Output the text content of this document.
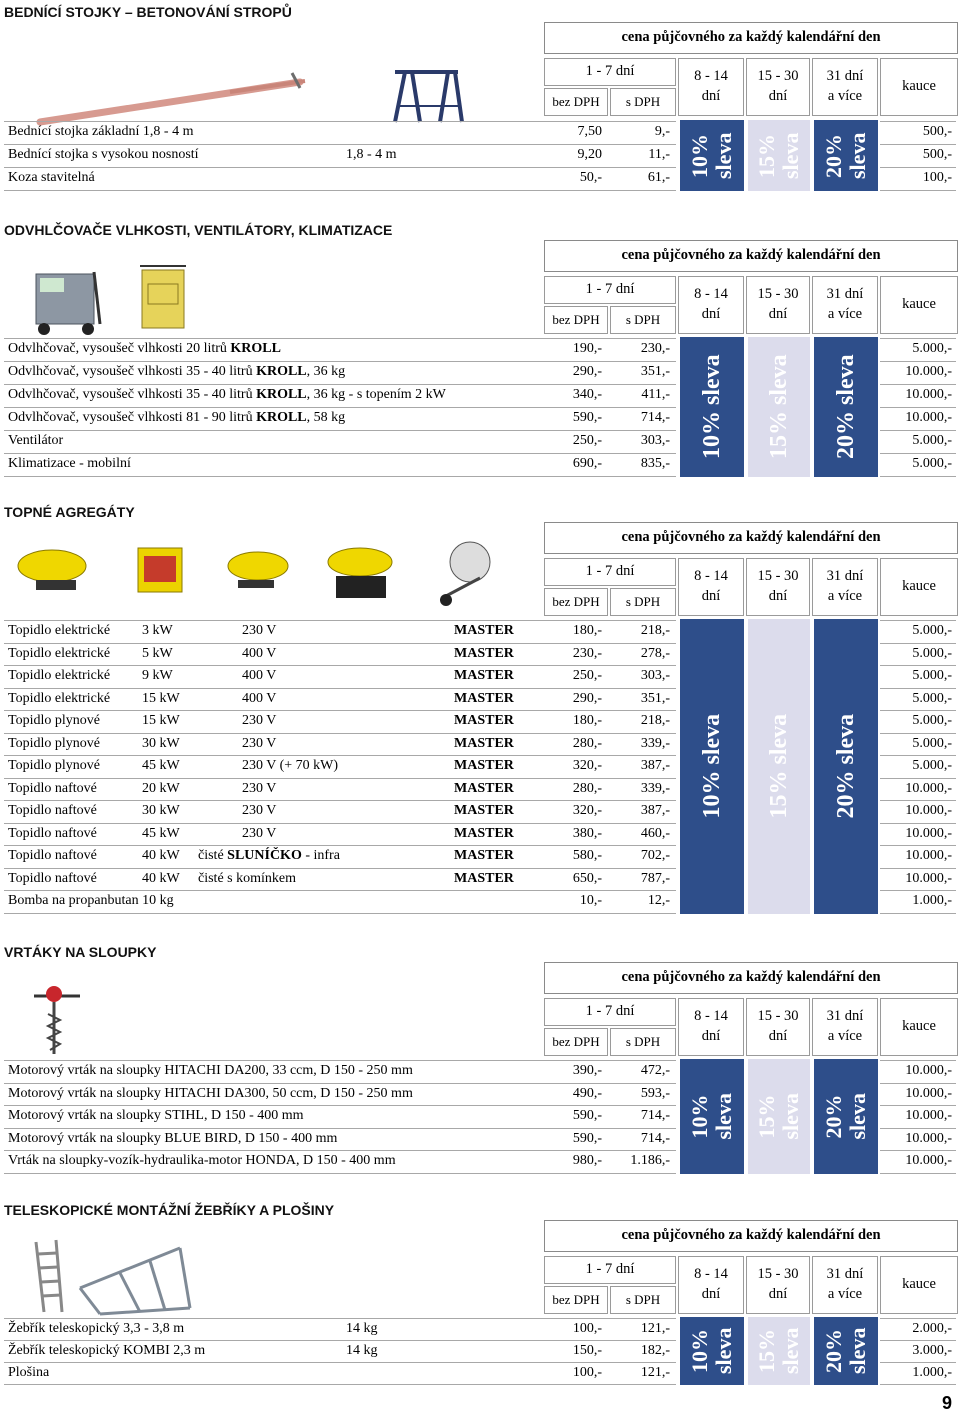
BEDNÍCÍ STOJKY – BETONOVÁNÍ STROPŮ
ODVHLČOVAČE VLHKOSTI, VENTILÁTORY, KLIMATIZACE
TOPNÉ AGREGÁTY
VRTÁKY NA SLOUPKY
TELESKOPICKÉ MONTÁŽNÍ ŽEBŘÍKY A PLOŠINY
cena půjčovného za každý kalendářní den
1 - 7 dní
bez DPH	s DPH
8 - 14
dní
15 - 30
dní
31 dní
a více
kauce
10%
sleva 15%
sleva 20%
sleva
Bednící stojka základní 1,8 - 4 m	7,50	9,-	500,-
Bednící stojka s vysokou nosností	1,8 - 4 m	9,20	11,-	500,-
Koza stavitelná	50,-	61,-	100,-
cena půjčovného za každý kalendářní den
1 - 7 dní
bez DPH	s DPH
8 - 14
dní
15 - 30
dní
31 dní
a více
kauce
10% sleva	15% sleva	20% sleva
Odvlhčovač, vysoušeč vlhkosti 20 litrů KROLL	190,-	230,-	5.000,-
Odvlhčovač, vysoušeč vlhkosti 35 - 40 litrů KROLL, 36 kg	290,-	351,-	10.000,-
Odvlhčovač, vysoušeč vlhkosti 35 - 40 litrů KROLL, 36 kg - s topením 2 kW	340,-	411,-	10.000,-
Odvlhčovač, vysoušeč vlhkosti 81 - 90 litrů KROLL, 58 kg	590,-	714,-	10.000,-
Ventilátor	250,-	303,-	5.000,-
Klimatizace - mobilní	690,-	835,-	5.000,-
cena půjčovného za každý kalendářní den
1 - 7 dní
bez DPH	s DPH
8 - 14
dní
15 - 30
dní
31 dní
a více
kauce
10% sleva	15% sleva	20% sleva
Topidlo elektrické 3 kW	230 V	MASTER	180,-	218,-	5.000,-
Topidlo elektrické 5 kW	400 V	MASTER	230,-	278,-	5.000,-
Topidlo elektrické 9 kW	400 V	MASTER	250,-	303,-	5.000,-
Topidlo elektrické 15 kW	400 V	MASTER	290,-	351,-	5.000,-
Topidlo plynové	15 kW	230 V	MASTER	180,-	218,-	5.000,-
Topidlo plynové	30 kW	230 V	MASTER	280,-	339,-	5.000,-
Topidlo plynové	45 kW	230 V (+ 70 kW)	MASTER	320,-	387,-	5.000,-
Topidlo naftové	20 kW	230 V	MASTER	280,-	339,-	10.000,-
Topidlo naftové	30 kW	230 V	MASTER	320,-	387,-	10.000,-
Topidlo naftové	45 kW	230 V	MASTER	380,-	460,-	10.000,-
Topidlo naftové	40 kW čisté SLUNÍČKO - infra	MASTER	580,-	702,-	10.000,-
Topidlo naftové	40 kW čisté s komínkem	MASTER	650,-	787,-	10.000,-
Bomba na propanbutan 10 kg	10,-	12,-	1.000,-
cena půjčovného za každý kalendářní den
1 - 7 dní
bez DPH	s DPH
8 - 14
dní
15 - 30
dní
31 dní
a více
kauce
10%
sleva 15%
sleva 20%
sleva
Motorový vrták na sloupky HITACHI DA200, 33 ccm, D 150 - 250 mm	390,-	472,-	10.000,-
Motorový vrták na sloupky HITACHI DA300, 50 ccm, D 150 - 250 mm	490,-	593,-	10.000,-
Motorový vrták na sloupky STIHL, D 150 - 400 mm	590,-	714,-	10.000,-
Motorový vrták na sloupky BLUE BIRD, D 150 - 400 mm	590,-	714,-	10.000,-
Vrták na sloupky-vozík-hydraulika-motor HONDA, D 150 - 400 mm	980,-	1.186,-	10.000,-
cena půjčovného za každý kalendářní den
1 - 7 dní
bez DPH	s DPH
8 - 14
dní
15 - 30
dní
31 dní
a více
kauce
10%
sleva 15%
sleva 20%
sleva
Žebřík teleskopický 3,3 - 3,8 m	14 kg	100,-	121,-	2.000,-
Žebřík teleskopický KOMBI 2,3 m	14 kg	150,-	182,-	3.000,-
Plošina	100,-	121,-	1.000,-
9
